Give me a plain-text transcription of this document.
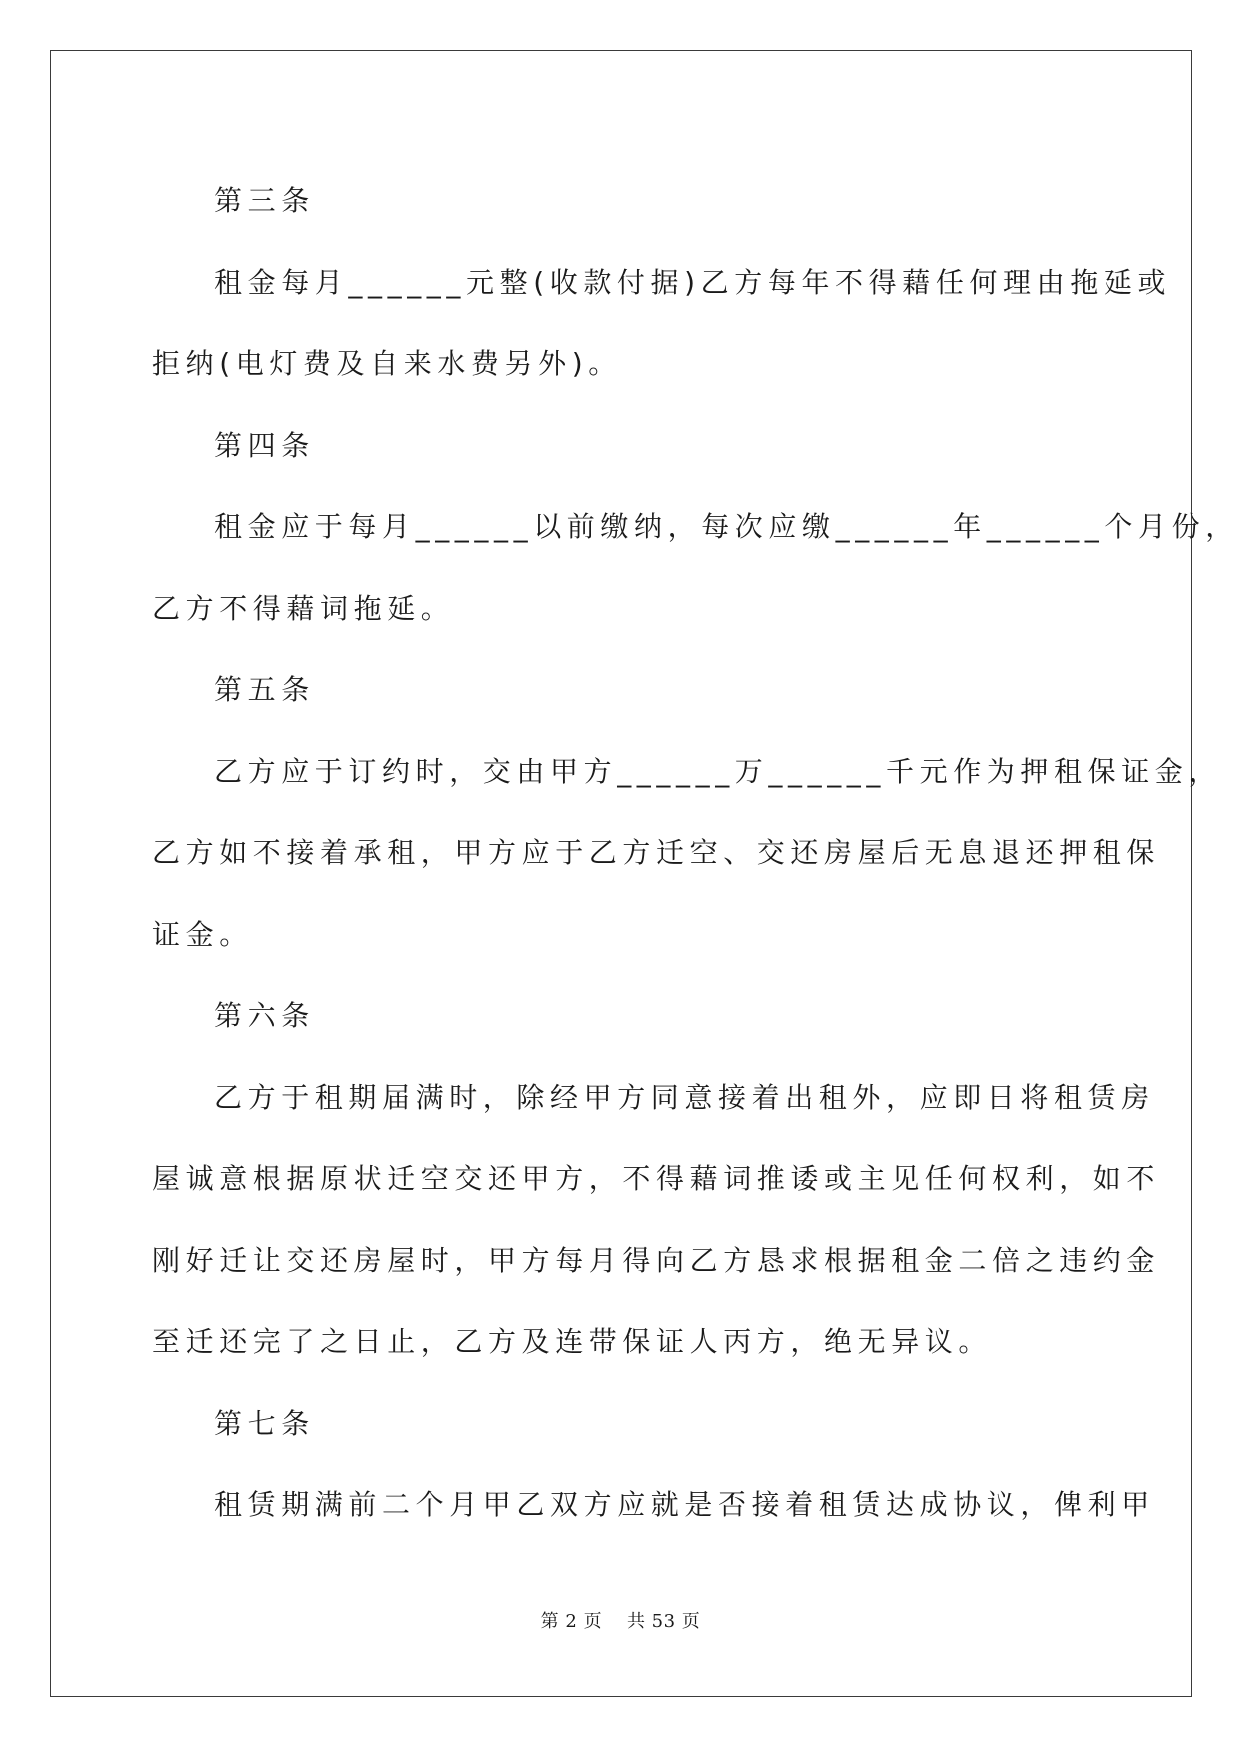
第三条
租金每月______元整(收款付据)乙方每年不得藉任何理由拖延或
拒纳(电灯费及自来水费另外)。
第四条
租金应于每月______以前缴纳，每次应缴______年______个月份，
乙方不得藉词拖延。
第五条
乙方应于订约时，交由甲方______万______千元作为押租保证金，
乙方如不接着承租，甲方应于乙方迁空、交还房屋后无息退还押租保
证金。
第六条
乙方于租期届满时，除经甲方同意接着出租外，应即日将租赁房
屋诚意根据原状迁空交还甲方，不得藉词推诿或主见任何权利，如不
刚好迁让交还房屋时，甲方每月得向乙方恳求根据租金二倍之违约金
至迁还完了之日止，乙方及连带保证人丙方，绝无异议。
第七条
租赁期满前二个月甲乙双方应就是否接着租赁达成协议，俾利甲
第 2 页    共 53 页
